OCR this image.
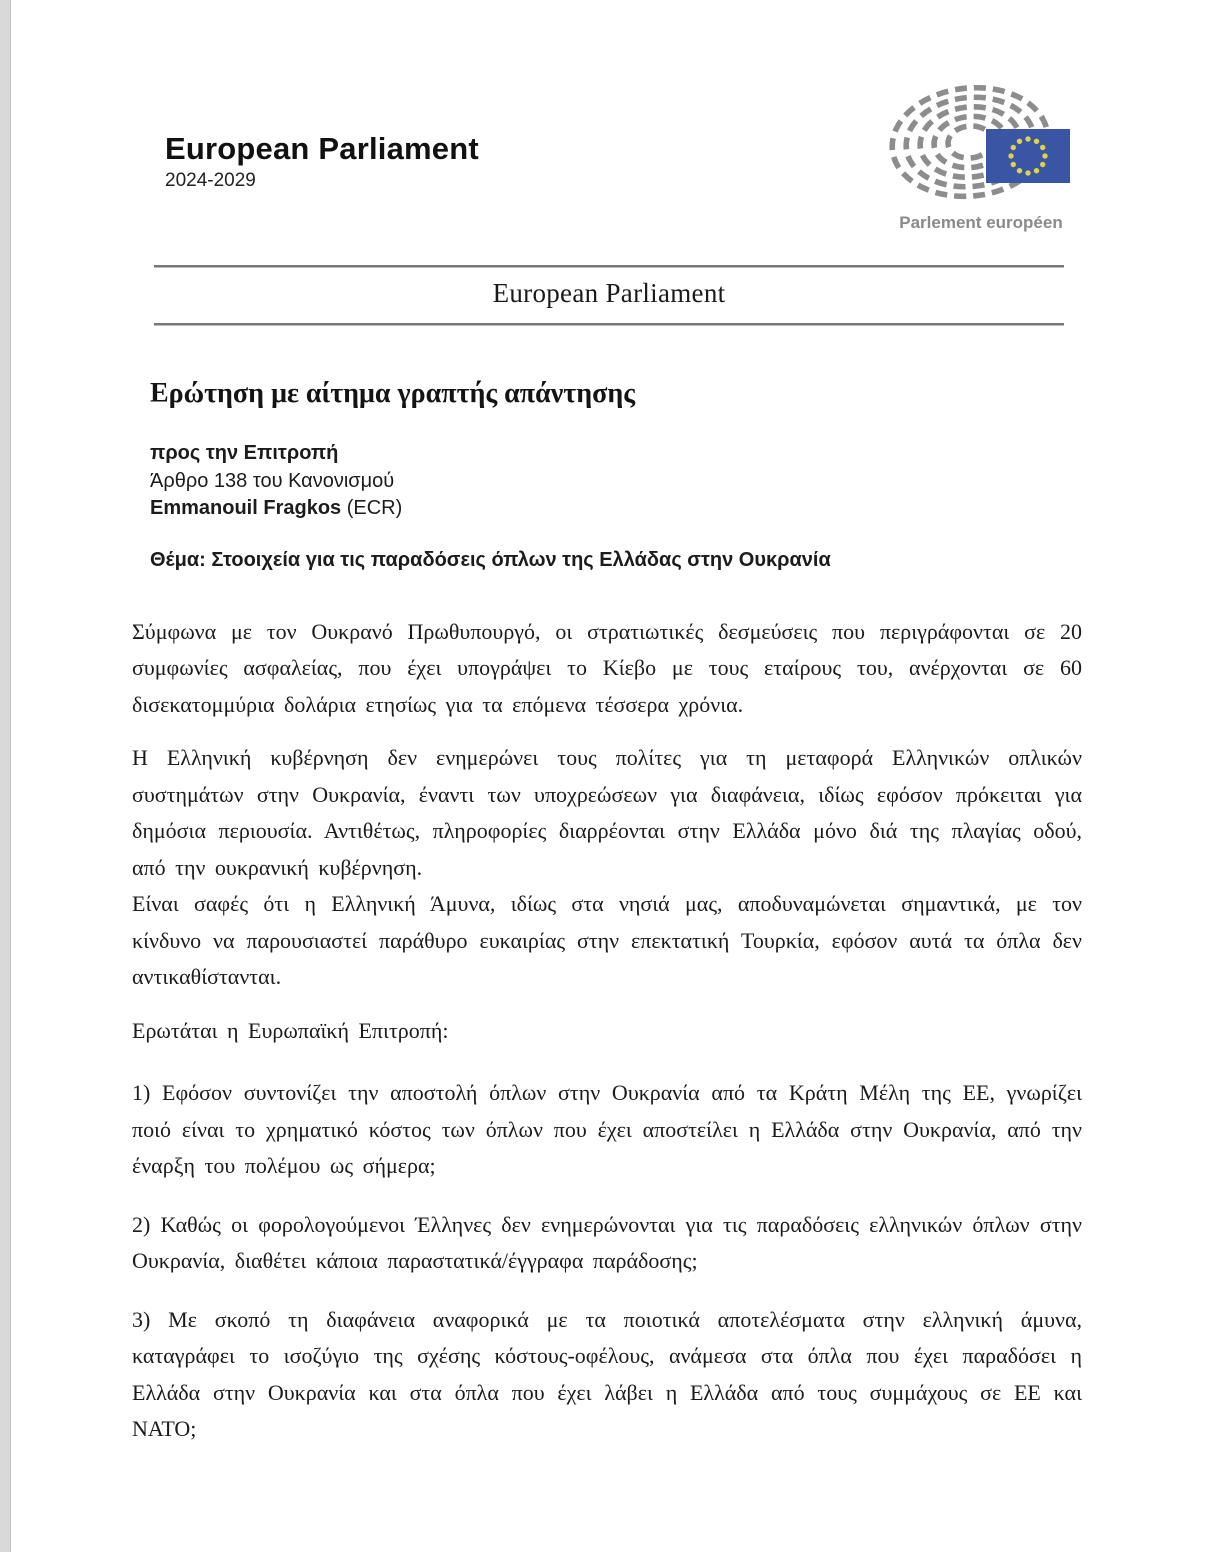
European Parliament
2024-2029
Parlement européen
European Parliament
Ερώτηση με αίτημα γραπτής απάντησης
προς την Επιτροπή
Άρθρο 138 του Κανονισμού
Emmanouil Fragkos (ECR)
Θέμα: Στοοιχεία για τις παραδόσεις όπλων της Ελλάδας στην Ουκρανία

Σύμφωνα με τον Ουκρανό Πρωθυπουργό, οι στρατιωτικές δεσμεύσεις που περιγράφονται σε 20 συμφωνίες ασφαλείας, που έχει υπογράψει το Κίεβο με τους εταίρους του, ανέρχονται σε 60 δισεκατομμύρια δολάρια ετησίως για τα επόμενα τέσσερα χρόνια.

Η Ελληνική κυβέρνηση δεν ενημερώνει τους πολίτες για τη μεταφορά Ελληνικών οπλικών συστημάτων στην Ουκρανία, έναντι των υποχρεώσεων για διαφάνεια, ιδίως εφόσον πρόκειται για δημόσια περιουσία. Αντιθέτως, πληροφορίες διαρρέονται στην Ελλάδα μόνο διά της πλαγίας οδού, από την ουκρανική κυβέρνηση.

Είναι σαφές ότι η Ελληνική Άμυνα, ιδίως στα νησιά μας, αποδυναμώνεται σημαντικά, με τον κίνδυνο να παρουσιαστεί παράθυρο ευκαιρίας στην επεκτατική Τουρκία, εφόσον αυτά τα όπλα δεν αντικαθίστανται.

Ερωτάται η Ευρωπαϊκή Επιτροπή:

1) Εφόσον συντονίζει την αποστολή όπλων στην Ουκρανία από τα Κράτη Μέλη της ΕΕ, γνωρίζει ποιό είναι το χρηματικό κόστος των όπλων που έχει αποστείλει η Ελλάδα στην Ουκρανία, από την έναρξη του πολέμου ως σήμερα;

2) Καθώς οι φορολογούμενοι Έλληνες δεν ενημερώνονται για τις παραδόσεις ελληνικών όπλων στην Ουκρανία, διαθέτει κάποια παραστατικά/έγγραφα παράδοσης;

3) Με σκοπό τη διαφάνεια αναφορικά με τα ποιοτικά αποτελέσματα στην ελληνική άμυνα, καταγράφει το ισοζύγιο της σχέσης κόστους-οφέλους, ανάμεσα στα όπλα που έχει παραδόσει η Ελλάδα στην Ουκρανία και στα όπλα που έχει λάβει η Ελλάδα από τους συμμάχους σε ΕΕ και ΝΑΤΟ;
